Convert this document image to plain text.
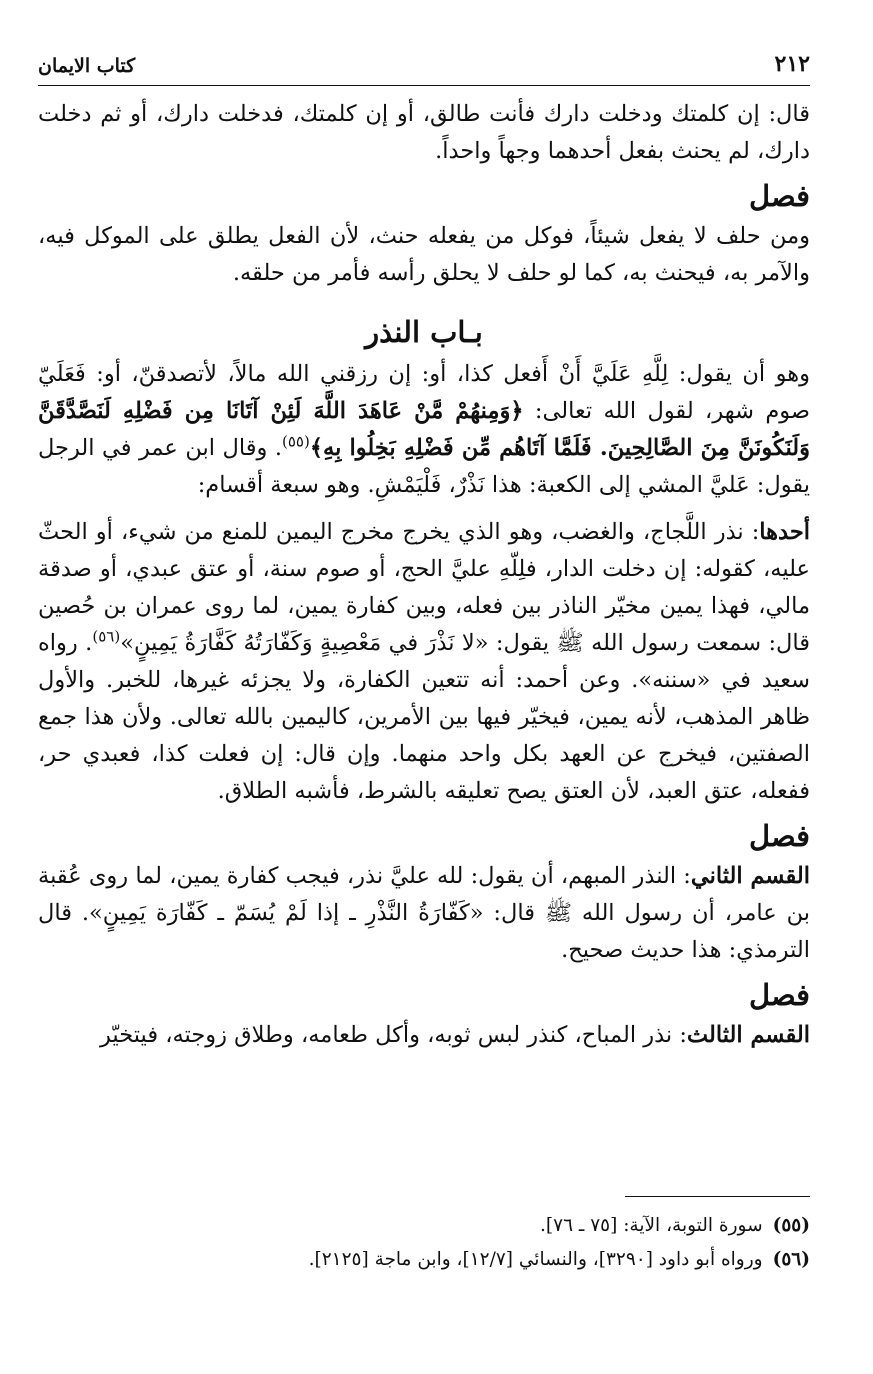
٢١٢
كتاب الايمان

قال: إن كلمتك ودخلت دارك فأنت طالق، أو إن كلمتك، فدخلت دارك، أو ثم دخلت دارك، لم يحنث بفعل أحدهما وجهاً واحداً.

فصل

ومن حلف لا يفعل شيئاً، فوكل من يفعله حنث، لأن الفعل يطلق على الموكل فيه، والآمر به، فيحنث به، كما لو حلف لا يحلق رأسه فأمر من حلقه.

بـاب النذر

وهو أن يقول: لِلَّهِ عَلَيَّ أَنْ أَفعل كذا، أو: إن رزقني الله مالاً، لأتصدقنّ، أو: فَعَلَيّ صوم شهر، لقول الله تعالى: ﴿وَمِنهُمْ مَّنْ عَاهَدَ اللَّهَ لَئِنْ آتَانَا مِن فَضْلِهِ لَنَصَّدَّقَنَّ وَلَنَكُونَنَّ مِنَ الصَّالِحِينَ. فَلَمَّا آتَاهُم مِّن فَضْلِهِ بَخِلُوا بِهِ﴾$^{(٥٥)}$. وقال ابن عمر في الرجل يقول: عَليَّ المشي إلى الكعبة: هذا نَذْرٌ، فَلْيَمْشِ. وهو سبعة أقسام:

أحدها: نذر اللَّجاج، والغضب، وهو الذي يخرج مخرج اليمين للمنع من شيء، أو الحثّ عليه، كقوله: إن دخلت الدار، فلِلّهِ عليَّ الحج، أو صوم سنة، أو عتق عبدي، أو صدقة مالي، فهذا يمين مخيّر الناذر بين فعله، وبين كفارة يمين، لما روى عمران بن حُصين قال: سمعت رسول الله ﷺ يقول: «لا نَذْرَ في مَعْصِيةٍ وَكَفّارَتُهُ كَفَّارَةُ يَمِينٍ»$^{(٥٦)}$. رواه سعيد في «سننه». وعن أحمد: أنه تتعين الكفارة، ولا يجزئه غيرها، للخبر. والأول ظاهر المذهب، لأنه يمين، فيخيّر فيها بين الأمرين، كاليمين بالله تعالى. ولأن هذا جمع الصفتين، فيخرج عن العهد بكل واحد منهما. وإن قال: إن فعلت كذا، فعبدي حر، ففعله، عتق العبد، لأن العتق يصح تعليقه بالشرط، فأشبه الطلاق.

فصل

القسم الثاني: النذر المبهم، أن يقول: لله عليَّ نذر، فيجب كفارة يمين، لما روى عُقبة بن عامر، أن رسول الله ﷺ قال: «كَفّارَةُ النَّذْرِ ـ إذا لَمْ يُسَمّ ـ كَفّارَة يَمِينٍ». قال الترمذي: هذا حديث صحيح.

فصل

القسم الثالث: نذر المباح، كنذر لبس ثوبه، وأكل طعامه، وطلاق زوجته، فيتخيّر

(٥٥)سورة التوبة، الآية: [٧٥ ـ ٧٦].

(٥٦)ورواه أبو داود [٣٢٩٠]، والنسائي [١٢/٧]، وابن ماجة [٢١٢٥].
